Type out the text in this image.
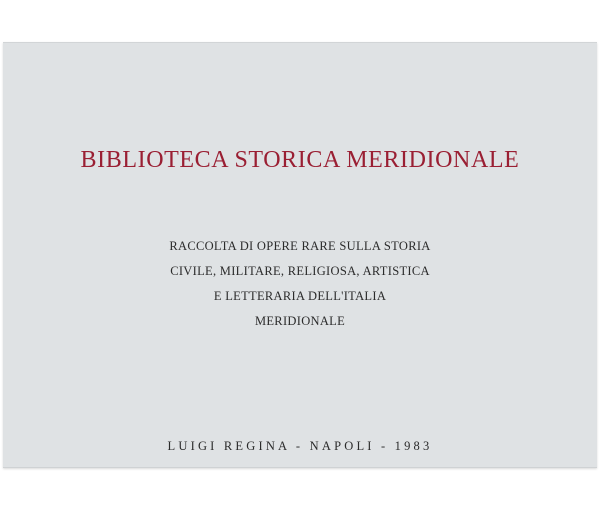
BIBLIOTECA STORICA MERIDIONALE
RACCOLTA DI OPERE RARE SULLA STORIA
CIVILE, MILITARE, RELIGIOSA, ARTISTICA
E LETTERARIA DELL'ITALIA
MERIDIONALE
LUIGI REGINA - NAPOLI - 1983
